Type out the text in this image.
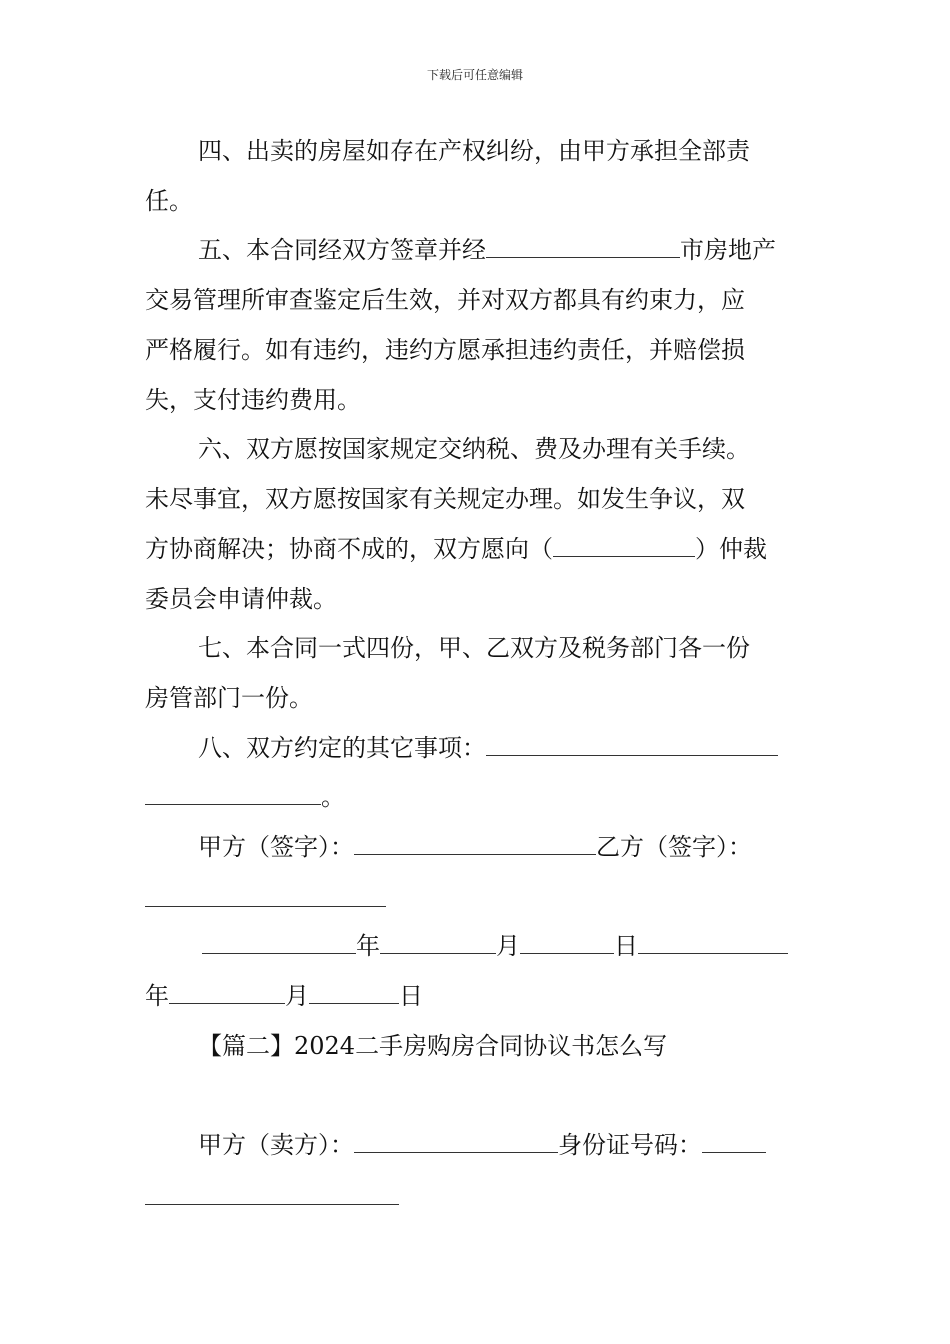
下载后可任意编辑
四、出卖的房屋如存在产权纠纷，由甲方承担全部责
任。
五、本合同经双方签章并经	市房地产
交易管理所审查鉴定后生效，并对双方都具有约束力，应
严格履行。如有违约，违约方愿承担违约责任，并赔偿损
失，支付违约费用。
六、双方愿按国家规定交纳税、费及办理有关手续。
未尽事宜，双方愿按国家有关规定办理。如发生争议，双
方协商解决；协商不成的，双方愿向（	）仲裁
委员会申请仲裁。
七、本合同一式四份，甲、乙双方及税务部门各一份
房管部门一份。
八、双方约定的其它事项：
。
甲方（签字）：	乙方（签字）：
年	月	日
年	月	日
【篇二】2024二手房购房合同协议书怎么写
甲方（卖方）：	身份证号码：
